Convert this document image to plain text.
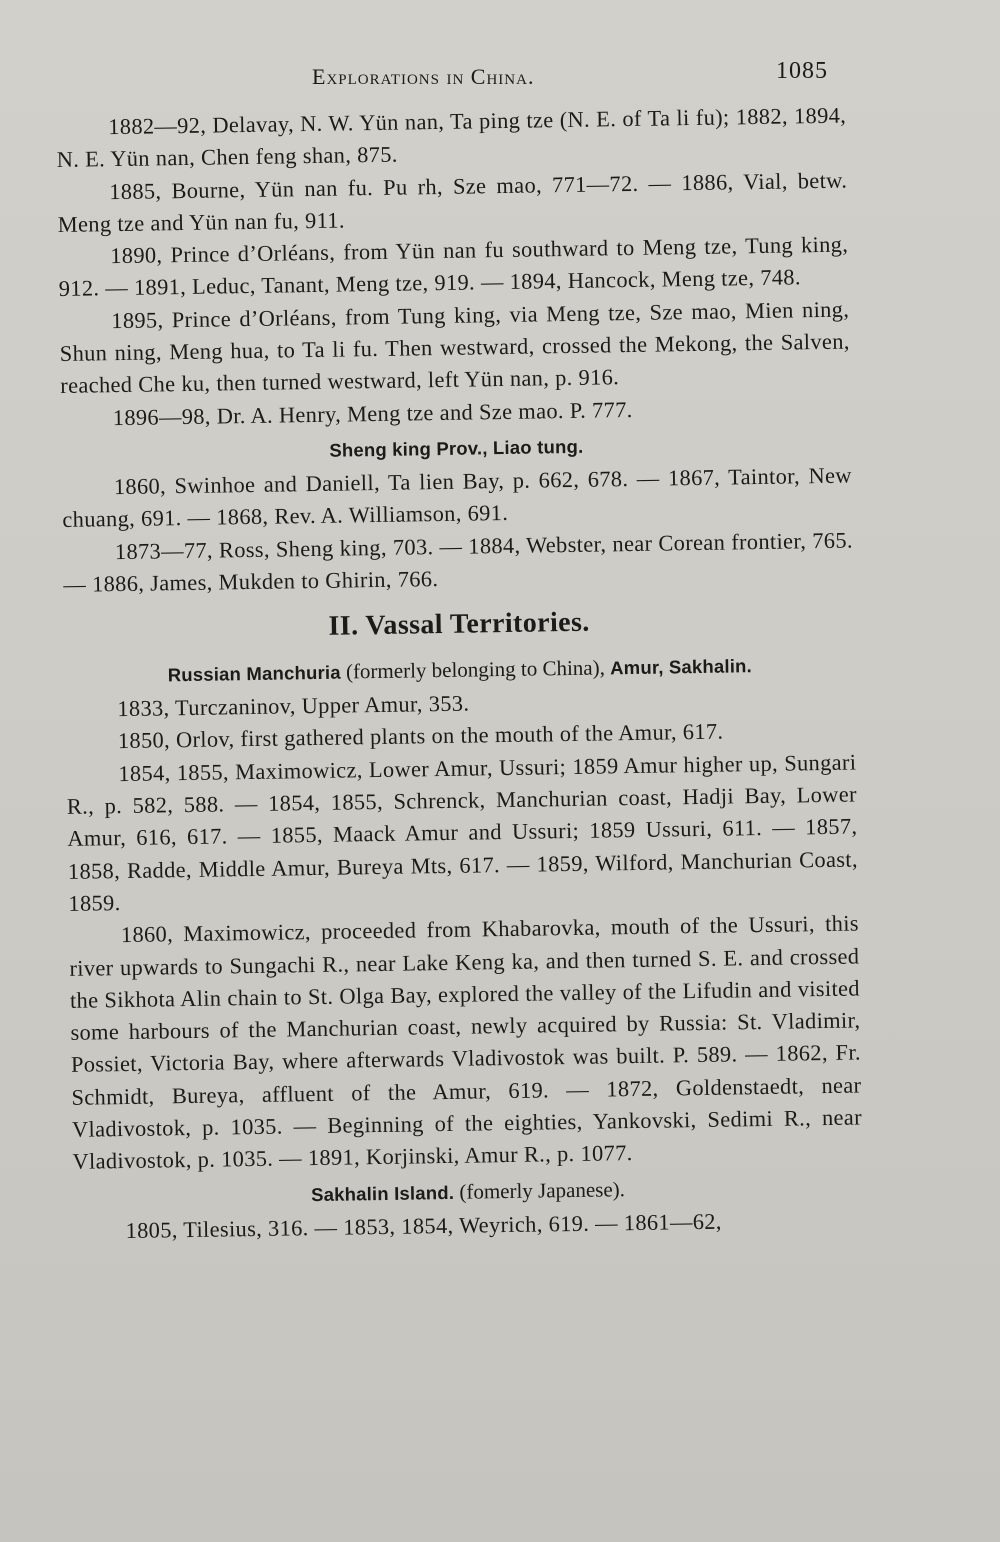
Explorations in China.	1085

1882—92, Delavay, N. W. Yün nan, Ta ping tze (N. E. of Ta li fu); 1882, 1894, N. E. Yün nan, Chen feng shan, 875.

1885, Bourne, Yün nan fu. Pu rh, Sze mao, 771—72. — 1886, Vial, betw. Meng tze and Yün nan fu, 911.

1890, Prince d’Orléans, from Yün nan fu southward to Meng tze, Tung king, 912. — 1891, Leduc, Tanant, Meng tze, 919. — 1894, Hancock, Meng tze, 748.

1895, Prince d’Orléans, from Tung king, via Meng tze, Sze mao, Mien ning, Shun ning, Meng hua, to Ta li fu. Then westward, crossed the Mekong, the Salven, reached Che ku, then turned westward, left Yün nan, p. 916.

1896—98, Dr. A. Henry, Meng tze and Sze mao. P. 777.

Sheng king Prov., Liao tung.

1860, Swinhoe and Daniell, Ta lien Bay, p. 662, 678. — 1867, Taintor, New chuang, 691. — 1868, Rev. A. Williamson, 691.

1873—77, Ross, Sheng king, 703. — 1884, Webster, near Corean frontier, 765. — 1886, James, Mukden to Ghirin, 766.

II. Vassal Territories.
Russian Manchuria (formerly belonging to China), Amur, Sakhalin.

1833, Turczaninov, Upper Amur, 353.

1850, Orlov, first gathered plants on the mouth of the Amur, 617.

1854, 1855, Maximowicz, Lower Amur, Ussuri; 1859 Amur higher up, Sungari R., p. 582, 588. — 1854, 1855, Schrenck, Manchurian coast, Hadji Bay, Lower Amur, 616, 617. — 1855, Maack Amur and Ussuri; 1859 Ussuri, 611. — 1857, 1858, Radde, Middle Amur, Bureya Mts, 617. — 1859, Wilford, Manchurian Coast, 1859.

1860, Maximowicz, proceeded from Khabarovka, mouth of the Ussuri, this river upwards to Sungachi R., near Lake Keng ka, and then turned S. E. and crossed the Sikhota Alin chain to St. Olga Bay, explored the valley of the Lifudin and visited some harbours of the Manchurian coast, newly acquired by Russia: St. Vladimir, Possiet, Victoria Bay, where afterwards Vladivostok was built. P. 589. — 1862, Fr. Schmidt, Bureya, affluent of the Amur, 619. — 1872, Goldenstaedt, near Vladivostok, p. 1035. — Beginning of the eighties, Yankovski, Sedimi R., near Vladivostok, p. 1035. — 1891, Korjinski, Amur R., p. 1077.

Sakhalin Island. (fomerly Japanese).

1805, Tilesius, 316. — 1853, 1854, Weyrich, 619. — 1861—62,
